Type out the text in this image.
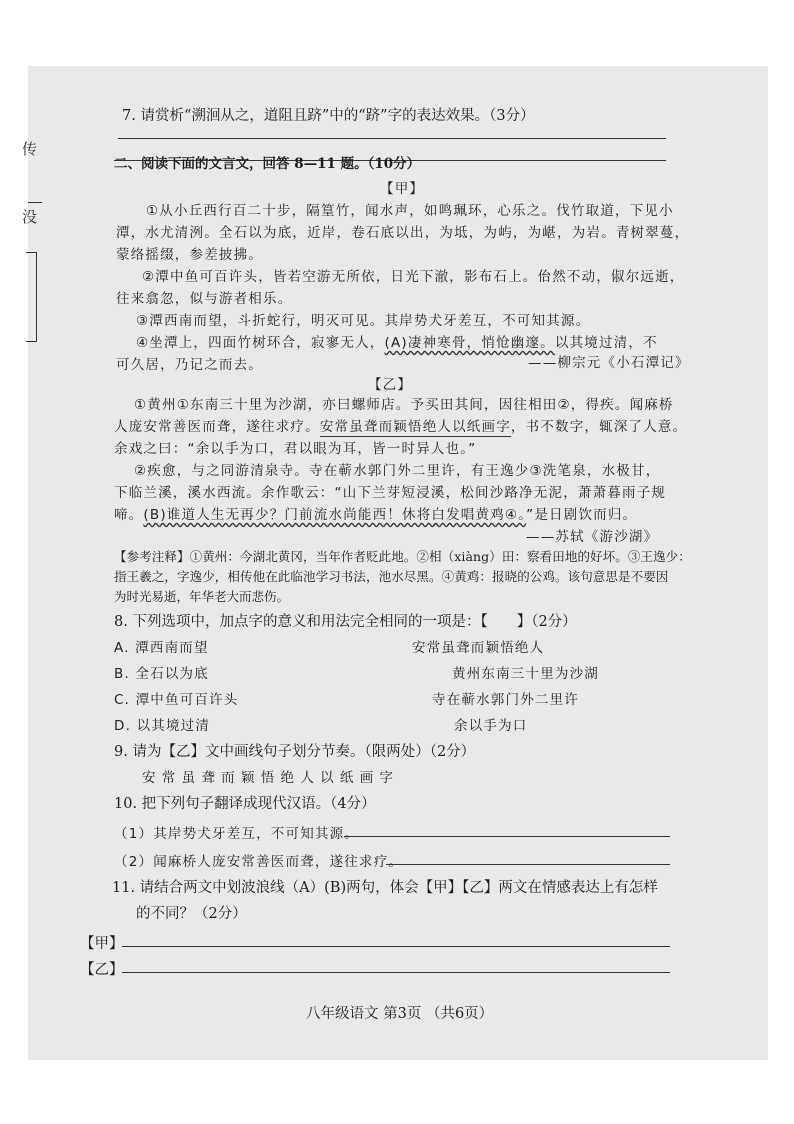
传
没
7. 请赏析“溯洄从之，道阻且跻”中的“跻”字的表达效果。（3分）
二、阅读下面的文言文，回答 8—11 题。（10分）
【甲】
①从小丘西行百二十步，隔篁竹，闻水声，如鸣珮环，心乐之。伐竹取道，下见小
潭，水尤清洌。全石以为底，近岸，卷石底以出，为坻，为屿，为嵁，为岩。青树翠蔓，
蒙络摇缀，参差披拂。
②潭中鱼可百许头，皆若空游无所依，日光下澈，影布石上。佁然不动，俶尔远逝，
往来翕忽，似与游者相乐。
③潭西南而望，斗折蛇行，明灭可见。其岸势犬牙差互，不可知其源。
④坐潭上，四面竹树环合，寂寥无人，(A)凄神寒骨，悄怆幽邃。以其境过清，不
可久居，乃记之而去。	——柳宗元《小石潭记》
【乙】
①黄州①东南三十里为沙湖，亦曰螺师店。予买田其间，因往相田②，得疾。闻麻桥
人庞安常善医而聋，遂往求疗。安常虽聋而颖悟绝人以纸画字，书不数字，辄深了人意。
余戏之曰：“余以手为口，君以眼为耳，皆一时异人也。”
②疾愈，与之同游清泉寺。寺在蕲水郭门外二里许，有王逸少③洗笔泉，水极甘，
下临兰溪，溪水西流。余作歌云：“山下兰芽短浸溪，松间沙路净无泥，萧萧暮雨子规
啼。(B)谁道人生无再少？门前流水尚能西！休将白发唱黄鸡④。”是日剧饮而归。
——苏轼《游沙湖》
【参考注释】①黄州：今湖北黄冈，当年作者贬此地。②相（xiàng）田：察看田地的好坏。③王逸少：
指王羲之，字逸少，相传他在此临池学习书法，池水尽黑。④黄鸡：报晓的公鸡。该句意思是不要因
为时光易逝，年华老大而悲伤。
8. 下列选项中，加点字的意义和用法完全相同的一项是：【　　】（2分）
A. 潭西南而望	安常虽聋而颖悟绝人
B. 全石以为底	黄州东南三十里为沙湖
C. 潭中鱼可百许头	寺在蕲水郭门外二里许
D. 以其境过清	余以手为口
9. 请为【乙】文中画线句子划分节奏。（限两处）（2分）
安 常 虽 聋 而 颖 悟 绝 人 以 纸 画 字
10. 把下列句子翻译成现代汉语。（4分）
（1）其岸势犬牙差互，不可知其源。
（2）闻麻桥人庞安常善医而聋，遂往求疗。
11. 请结合两文中划波浪线（A）(B)两句，体会【甲】【乙】两文在情感表达上有怎样
的不同？（2分）
【甲】
【乙】
八年级语文 第3页 （共6页）
